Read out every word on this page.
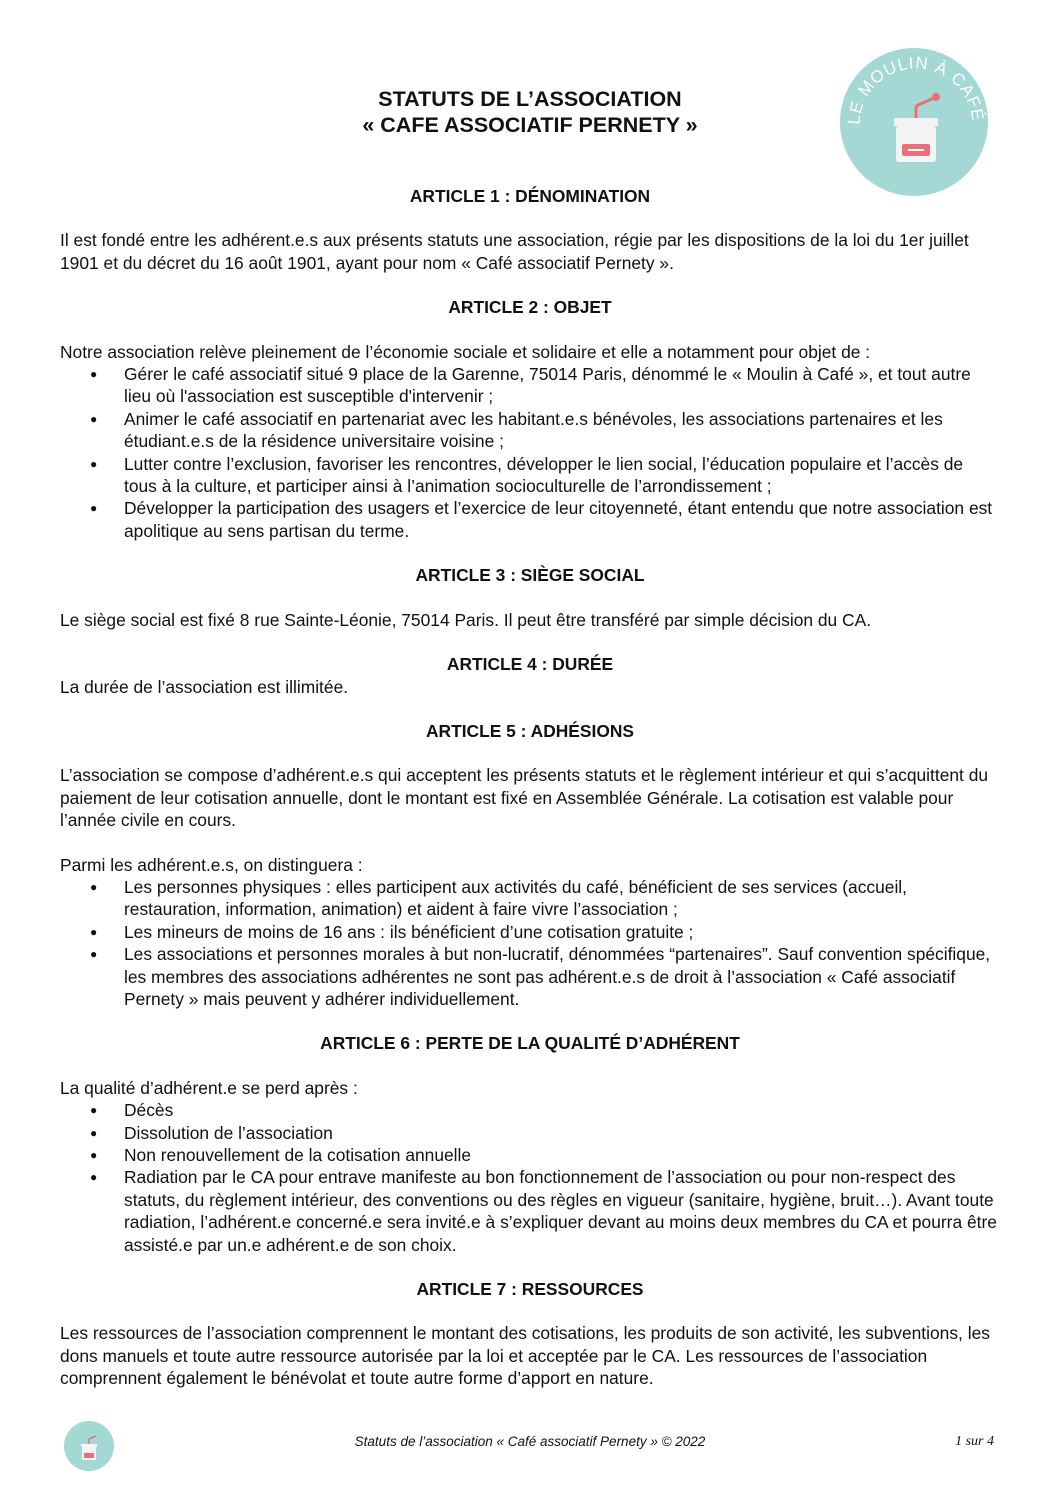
STATUTS DE L’ASSOCIATION
« CAFE ASSOCIATIF PERNETY »	LE MOULIN À CAFÉ
ARTICLE 1 : DÉNOMINATION

Il est fondé entre les adhérent.e.s aux présents statuts une association, régie par les dispositions de la loi du 1er juillet 1901 et du décret du 16 août 1901, ayant pour nom « Café associatif Pernety ».

ARTICLE 2 : OBJET

Notre association relève pleinement de l’économie sociale et solidaire et elle a notamment pour objet de :

● Gérer le café associatif situé 9 place de la Garenne, 75014 Paris, dénommé le « Moulin à Café », et tout autre lieu où l'association est susceptible d'intervenir ;
● Animer le café associatif en partenariat avec les habitant.e.s bénévoles, les associations partenaires et les étudiant.e.s de la résidence universitaire voisine ;
● Lutter contre l’exclusion, favoriser les rencontres, développer le lien social, l’éducation populaire et l’accès de tous à la culture, et participer ainsi à l’animation socioculturelle de l’arrondissement ;
● Développer la participation des usagers et l’exercice de leur citoyenneté, étant entendu que notre association est apolitique au sens partisan du terme.
ARTICLE 3 : SIÈGE SOCIAL

Le siège social est fixé 8 rue Sainte-Léonie, 75014 Paris. Il peut être transféré par simple décision du CA.

ARTICLE 4 : DURÉE

La durée de l’association est illimitée.

ARTICLE 5 : ADHÉSIONS

L’association se compose d’adhérent.e.s qui acceptent les présents statuts et le règlement intérieur et qui s’acquittent du paiement de leur cotisation annuelle, dont le montant est fixé en Assemblée Générale. La cotisation est valable pour l’année civile en cours.

Parmi les adhérent.e.s, on distinguera :

● Les personnes physiques : elles participent aux activités du café, bénéficient de ses services (accueil, restauration, information, animation) et aident à faire vivre l’association ;
● Les mineurs de moins de 16 ans : ils bénéficient d’une cotisation gratuite ;
● Les associations et personnes morales à but non-lucratif, dénommées “partenaires”. Sauf convention spécifique, les membres des associations adhérentes ne sont pas adhérent.e.s de droit à l’association « Café associatif Pernety » mais peuvent y adhérer individuellement.
ARTICLE 6 : PERTE DE LA QUALITÉ D’ADHÉRENT

La qualité d’adhérent.e se perd après :

● Décès
● Dissolution de l’association
● Non renouvellement de la cotisation annuelle
● Radiation par le CA pour entrave manifeste au bon fonctionnement de l’association ou pour non-respect des statuts, du règlement intérieur, des conventions ou des règles en vigueur (sanitaire, hygiène, bruit…). Avant toute radiation, l’adhérent.e concerné.e sera invité.e à s’expliquer devant au moins deux membres du CA et pourra être assisté.e par un.e adhérent.e de son choix.
ARTICLE 7 : RESSOURCES

Les ressources de l’association comprennent le montant des cotisations, les produits de son activité, les subventions, les dons manuels et toute autre ressource autorisée par la loi et acceptée par le CA. Les ressources de l’association comprennent également le bénévolat et toute autre forme d’apport en nature.

Statuts de l’association « Café associatif Pernety » © 2022	1 sur 4
